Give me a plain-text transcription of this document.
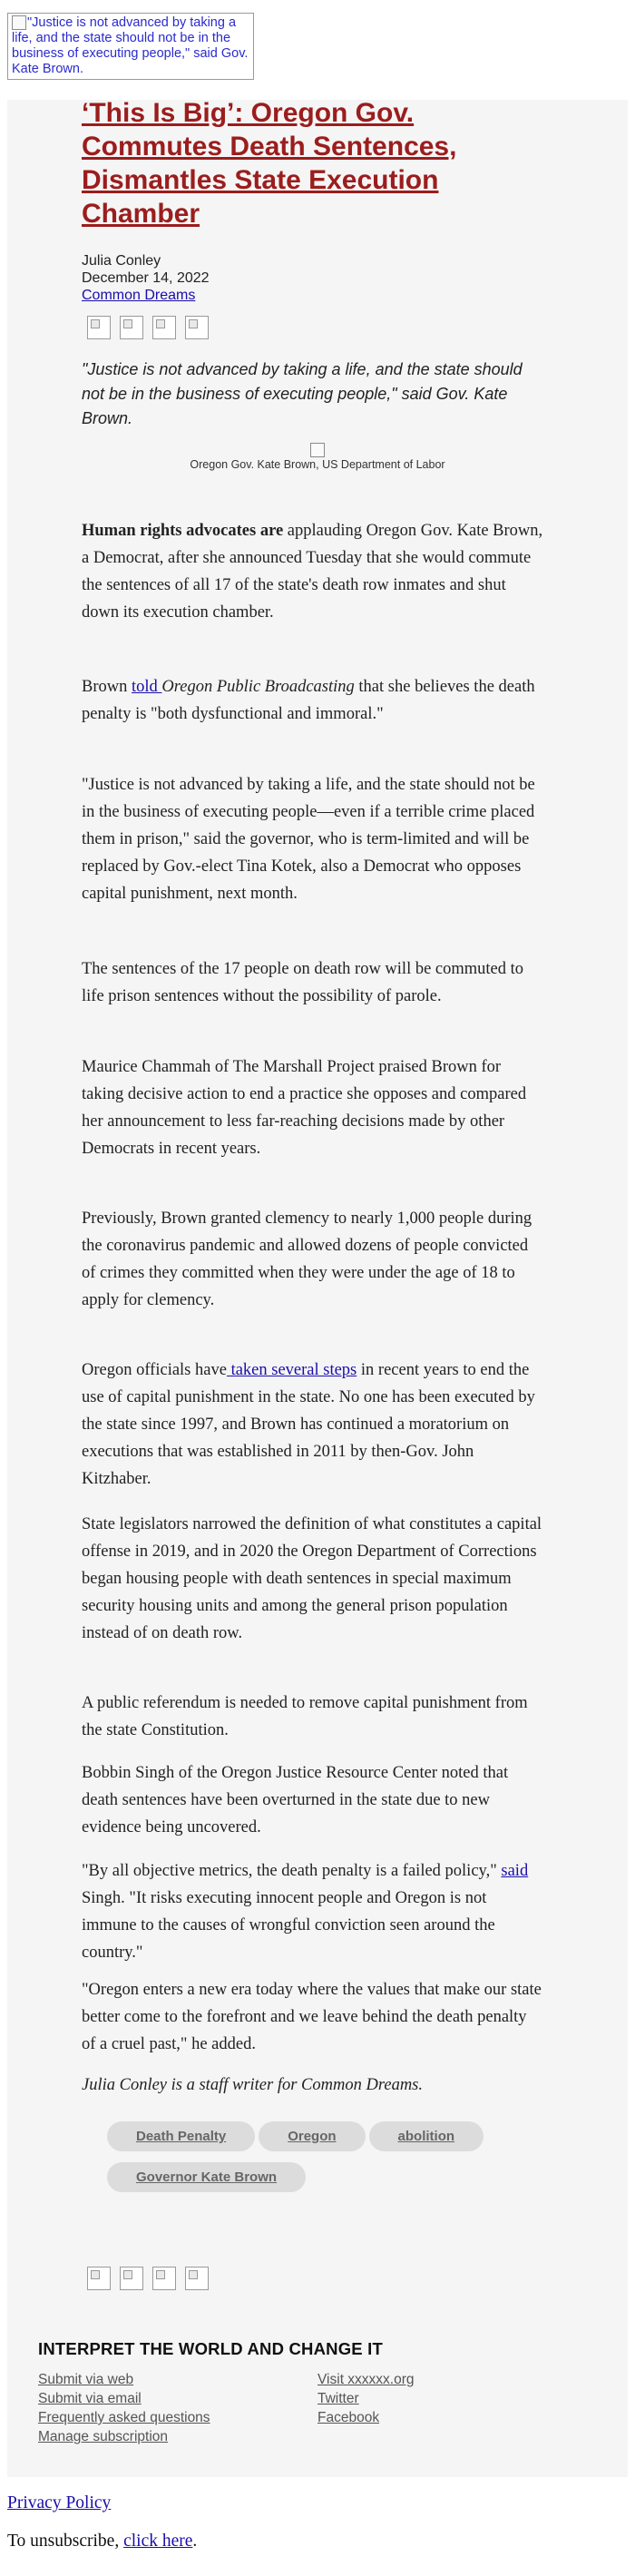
"Justice is not advanced by taking a life, and the state should not be in the business of executing people," said Gov. Kate Brown.
‘This Is Big’: Oregon Gov. Commutes Death Sentences, Dismantles State Execution Chamber
Julia Conley
December 14, 2022
Common Dreams
"Justice is not advanced by taking a life, and the state should not be in the business of executing people," said Gov. Kate Brown.

Oregon Gov. Kate Brown, US Department of Labor

Human rights advocates are applauding Oregon Gov. Kate Brown, a Democrat, after she announced Tuesday that she would commute the sentences of all 17 of the state's death row inmates and shut down its execution chamber.

Brown told Oregon Public Broadcasting that she believes the death penalty is "both dysfunctional and immoral."

"Justice is not advanced by taking a life, and the state should not be in the business of executing people—even if a terrible crime placed them in prison," said the governor, who is term-limited and will be replaced by Gov.-elect Tina Kotek, also a Democrat who opposes capital punishment, next month.

The sentences of the 17 people on death row will be commuted to life prison sentences without the possibility of parole.

Maurice Chammah of The Marshall Project praised Brown for taking decisive action to end a practice she opposes and compared her announcement to less far-reaching decisions made by other Democrats in recent years.

Previously, Brown granted clemency to nearly 1,000 people during the coronavirus pandemic and allowed dozens of people convicted of crimes they committed when they were under the age of 18 to apply for clemency.

Oregon officials have taken several steps in recent years to end the use of capital punishment in the state. No one has been executed by the state since 1997, and Brown has continued a moratorium on executions that was established in 2011 by then-Gov. John Kitzhaber.

State legislators narrowed the definition of what constitutes a capital offense in 2019, and in 2020 the Oregon Department of Corrections began housing people with death sentences in special maximum security housing units and among the general prison population instead of on death row.

A public referendum is needed to remove capital punishment from the state Constitution.

Bobbin Singh of the Oregon Justice Resource Center noted that death sentences have been overturned in the state due to new evidence being uncovered.

"By all objective metrics, the death penalty is a failed policy," said Singh. "It risks executing innocent people and Oregon is not immune to the causes of wrongful conviction seen around the country."

"Oregon enters a new era today where the values that make our state better come to the forefront and we leave behind the death penalty of a cruel past," he added.

Julia Conley is a staff writer for Common Dreams.

Death Penalty	Oregon	abolitionGovernor Kate Brown
INTERPRET THE WORLD AND CHANGE IT
Submit via web
Submit via email
Frequently asked questions
Manage subscription
Visit xxxxxx.org
Twitter
Facebook
Privacy Policy
To unsubscribe, click here.
